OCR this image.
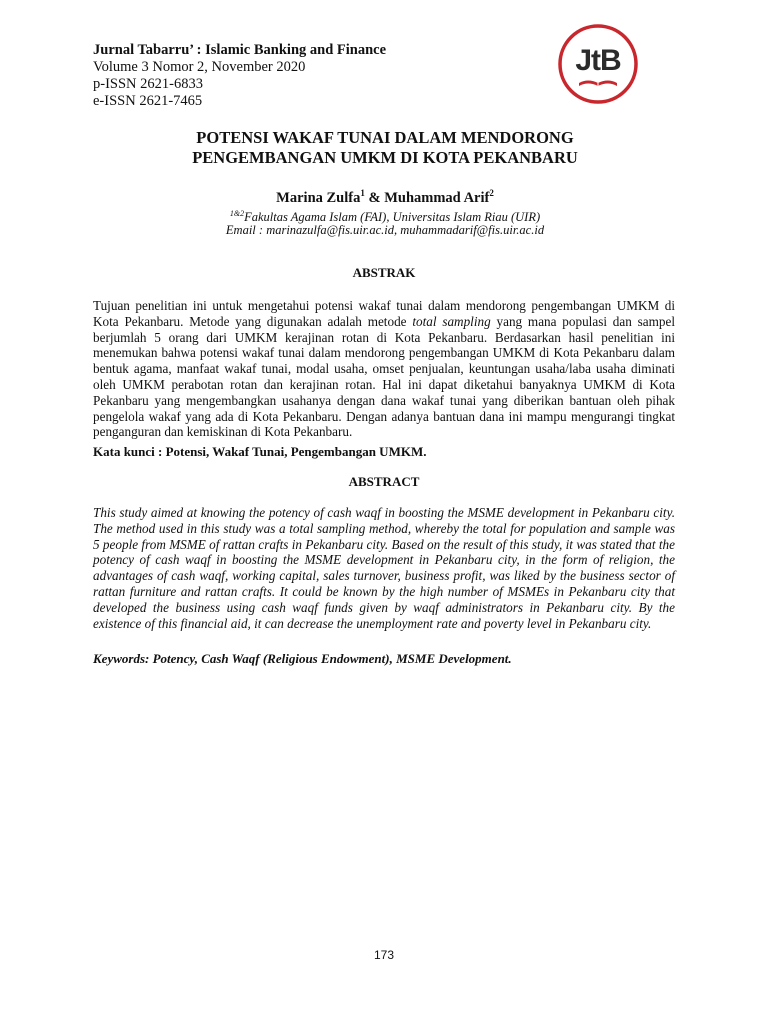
Jurnal Tabarru’ : Islamic Banking and Finance
Volume 3 Nomor 2, November 2020
p-ISSN 2621-6833
e-ISSN 2621-7465
JtB
POTENSI WAKAF TUNAI DALAM MENDORONG
PENGEMBANGAN UMKM DI KOTA PEKANBARU
Marina Zulfa$^1$ & Muhammad Arif$^2$
$^{1\&2}$Fakultas Agama Islam (FAI), Universitas Islam Riau (UIR)
Email : marinazulfa@fis.uir.ac.id, muhammadarif@fis.uir.ac.id
ABSTRAK
Tujuan penelitian ini untuk mengetahui potensi wakaf tunai dalam mendorong pengembangan UMKM di Kota Pekanbaru. Metode yang digunakan adalah metode total sampling yang mana populasi dan sampel berjumlah 5 orang dari UMKM kerajinan rotan di Kota Pekanbaru. Berdasarkan hasil penelitian ini menemukan bahwa potensi wakaf tunai dalam mendorong pengembangan UMKM di Kota Pekanbaru dalam bentuk agama, manfaat wakaf tunai, modal usaha, omset penjualan, keuntungan usaha/laba usaha diminati oleh UMKM perabotan rotan dan kerajinan rotan. Hal ini dapat diketahui banyaknya UMKM di Kota Pekanbaru yang mengembangkan usahanya dengan dana wakaf tunai yang diberikan bantuan oleh pihak pengelola wakaf yang ada di Kota Pekanbaru. Dengan adanya bantuan dana ini mampu mengurangi tingkat penganguran dan kemiskinan di Kota Pekanbaru.
Kata kunci : Potensi, Wakaf Tunai, Pengembangan UMKM.
ABSTRACT
This study aimed at knowing the potency of cash waqf in boosting the MSME development in Pekanbaru city. The method used in this study was a total sampling method, whereby the total for population and sample was 5 people from MSME of rattan crafts in Pekanbaru city. Based on the result of this study, it was stated that the potency of cash waqf in boosting the MSME development in Pekanbaru city, in the form of religion, the advantages of cash waqf, working capital, sales turnover, business profit, was liked by the business sector of rattan furniture and rattan crafts. It could be known by the high number of MSMEs in Pekanbaru city that developed the business using cash waqf funds given by waqf administrators in Pekanbaru city. By the existence of this financial aid, it can decrease the unemployment rate and poverty level in Pekanbaru city.
Keywords: Potency, Cash Waqf (Religious Endowment), MSME Development.
173
